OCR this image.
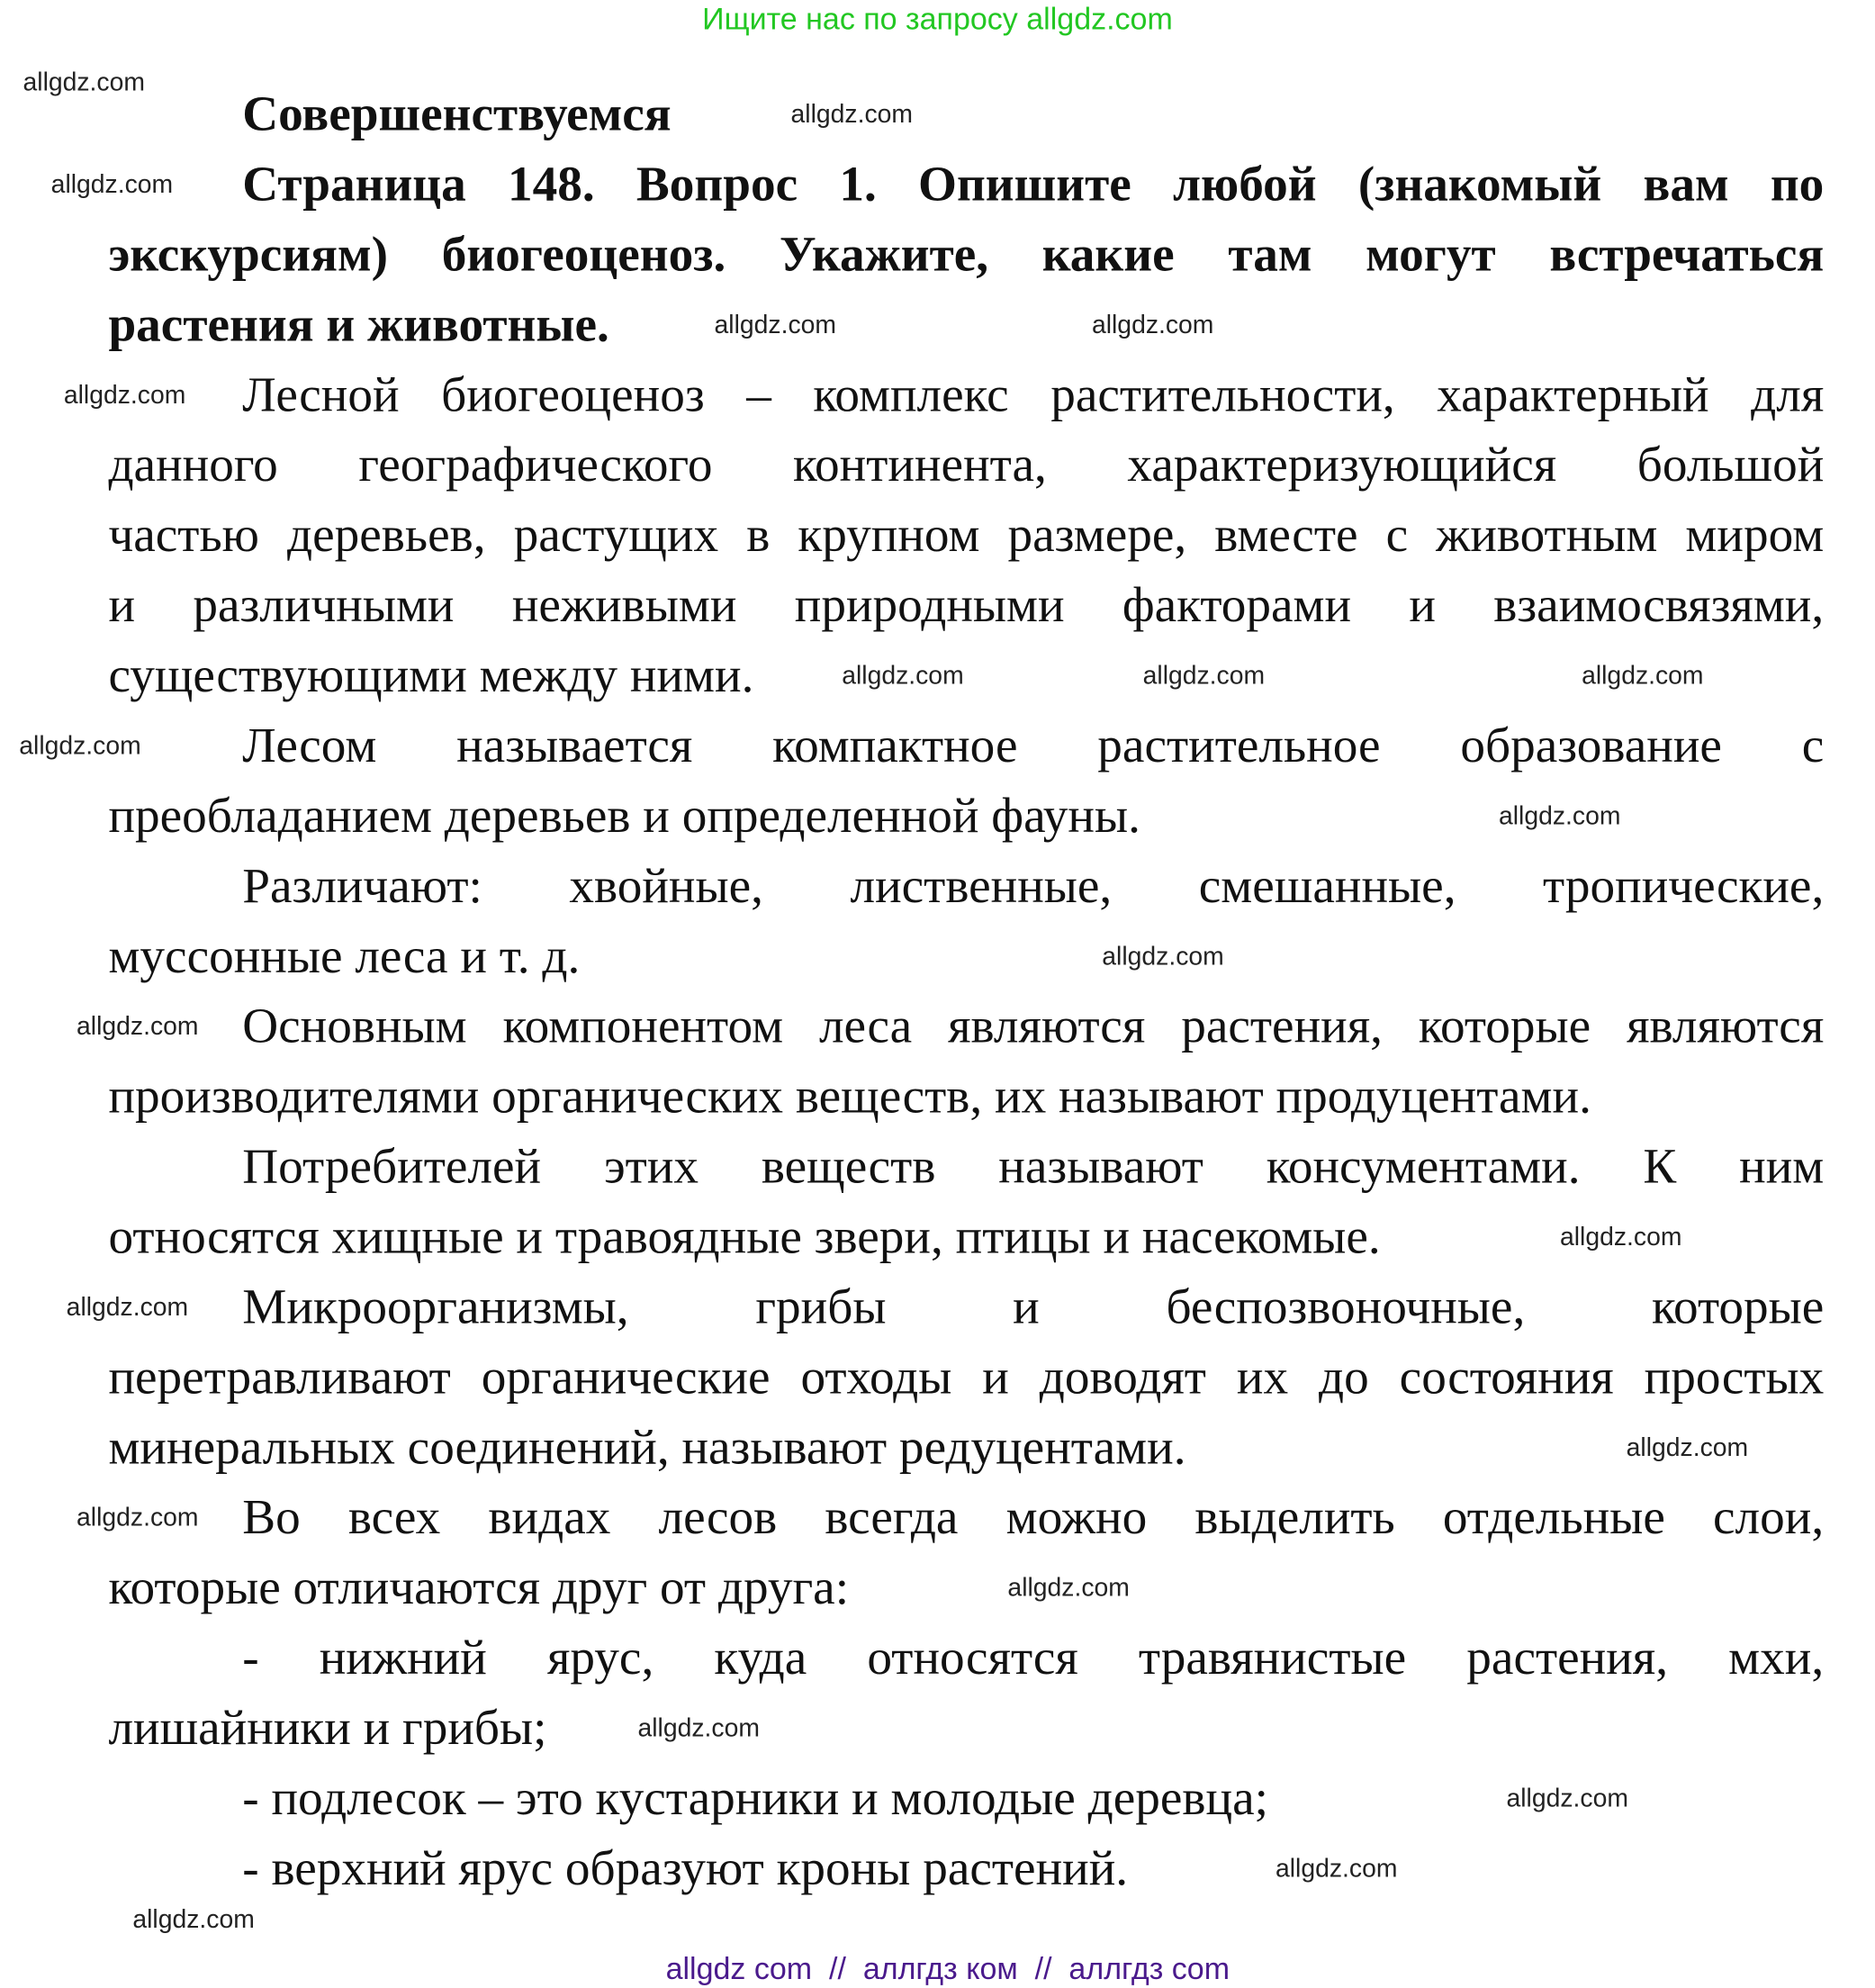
Ищите нас по запросу allgdz.com
Совершенствуемся
Страница 148. Вопрос 1. Опишите любой (знакомый вам по
экскурсиям) биогеоценоз. Укажите, какие там могут встречаться
растения и животные.
Лесной биогеоценоз – комплекс растительности, характерный для
данного географического континента, характеризующийся большой
частью деревьев, растущих в крупном размере, вместе с животным миром
и различными неживыми природными факторами и взаимосвязями,
существующими между ними.
Лесом называется компактное растительное образование с
преобладанием деревьев и определенной фауны.
Различают: хвойные, лиственные, смешанные, тропические,
муссонные леса и т. д.
Основным компонентом леса являются растения, которые являются
производителями органических веществ, их называют продуцентами.
Потребителей этих веществ называют консументами. К ним
относятся хищные и травоядные звери, птицы и насекомые.
Микроорганизмы,	грибы	и	беспозвоночные,	которые
перетравливают органические отходы и доводят их до состояния простых
минеральных соединений, называют редуцентами.
Во всех видах лесов всегда можно выделить отдельные слои,
которые отличаются друг от друга:
- нижний ярус, куда относятся травянистые растения, мхи,
лишайники и грибы;
- подлесок – это кустарники и молодые деревца;
- верхний ярус образуют кроны растений.
allgdz.com
allgdz.com
allgdz.com
allgdz.com	allgdz.com
allgdz.com
allgdz.com
allgdz.com
allgdz.com
allgdz.com
allgdz.com
allgdz.com
allgdz.com
allgdz.com
allgdz.com
allgdz.com
allgdz.com
allgdz.com
allgdz.com
allgdz.com
allgdz.com
allgdz.com
allgdz com  //  аллгдз ком  //  аллгдз com
